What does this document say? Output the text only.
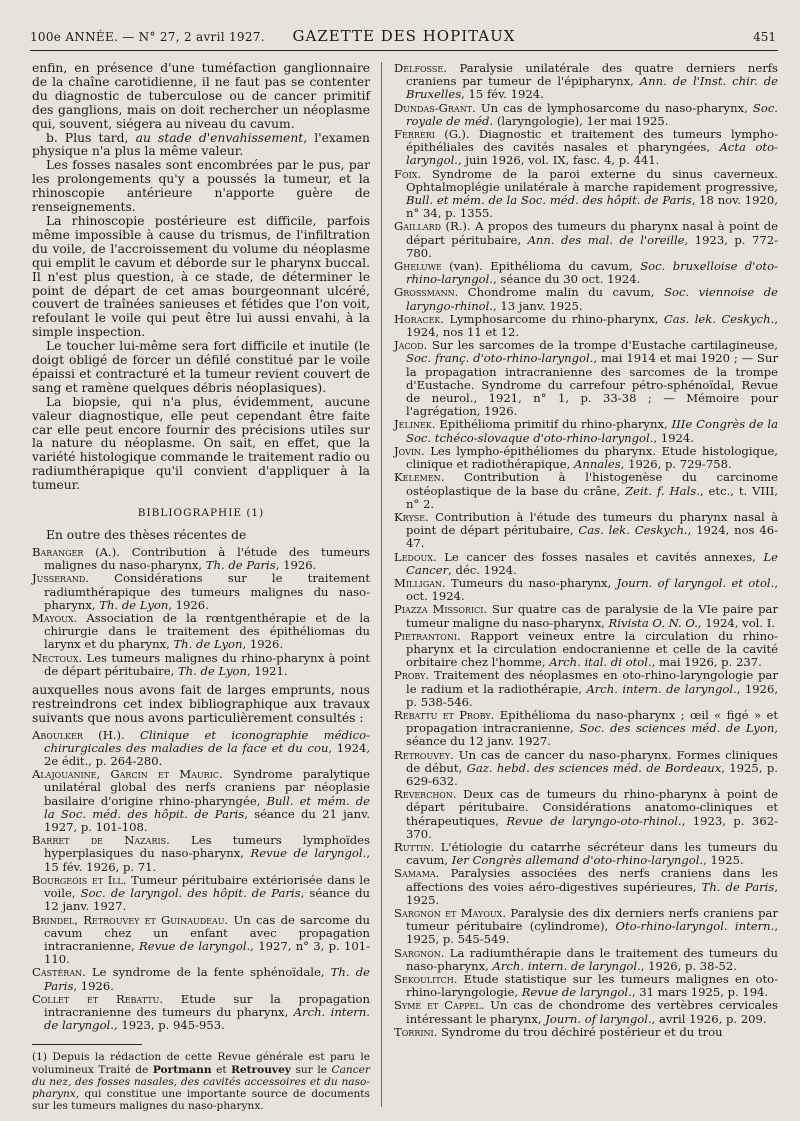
100e ANNÉE. — N° 27, 2 avril 1927.	GAZETTE DES HOPITAUX	451

enfin, en présence d'une tuméfaction ganglionnaire de la chaîne carotidienne, il ne faut pas se contenter du diagnostic de tuberculose ou de cancer primitif des ganglions, mais on doit rechercher un néoplasme qui, souvent, siégera au niveau du cavum.

b. Plus tard, au stade d'envahissement, l'examen physique n'a plus la même valeur.

Les fosses nasales sont encombrées par le pus, par les prolongements qu'y a poussés la tumeur, et la rhinoscopie antérieure n'apporte guère de renseignements.

La rhinoscopie postérieure est difficile, parfois même impossible à cause du trismus, de l'infiltration du voile, de l'accroissement du volume du néoplasme qui emplit le cavum et déborde sur le pharynx buccal. Il n'est plus question, à ce stade, de déterminer le point de départ de cet amas bourgeonnant ulcéré, couvert de traînées sanieuses et fétides que l'on voit, refoulant le voile qui peut être lui aussi envahi, à la simple inspection.

Le toucher lui-même sera fort difficile et inutile (le doigt obligé de forcer un défilé constitué par le voile épaissi et contracturé et la tumeur revient couvert de sang et ramène quelques débris néoplasiques).

La biopsie, qui n'a plus, évidemment, aucune valeur diagnostique, elle peut cependant être faite car elle peut encore fournir des précisions utiles sur la nature du néoplasme. On sait, en effet, que la variété histologique commande le traitement radio ou radiumthérapique qu'il convient d'appliquer à la tumeur.

BIBLIOGRAPHIE (1)

En outre des thèses récentes de

Baranger (A.). Contribution à l'étude des tumeurs malignes du naso-pharynx, Th. de Paris, 1926.

Jusserand. Considérations sur le traitement radiumthérapique des tumeurs malignes du naso-pharynx, Th. de Lyon, 1926.

Mayoux. Association de la rœntgenthérapie et de la chirurgie dans le traitement des épithéliomas du larynx et du pharynx, Th. de Lyon, 1926.

Nectoux. Les tumeurs malignes du rhino-pharynx à point de départ péritubaire, Th. de Lyon, 1921.

auxquelles nous avons fait de larges emprunts, nous restreindrons cet index bibliographique aux travaux suivants que nous avons particulièrement consultés :

Aboulker (H.). Clinique et iconographie médico-chirurgicales des maladies de la face et du cou, 1924, 2e édit., p. 264-280.

Alajouanine, Garcin et Mauric. Syndrome paralytique unilatéral global des nerfs craniens par néoplasie basilaire d'origine rhino-pharyngée, Bull. et mém. de la Soc. méd. des hôpit. de Paris, séance du 21 janv. 1927, p. 101-108.

Barret de Nazaris. Les tumeurs lymphoïdes hyperplasiques du naso-pharynx, Revue de laryngol., 15 fév. 1926, p. 71.

Bourgeois et Ill. Tumeur péritubaire extériorisée dans le voile, Soc. de laryngol. des hôpit. de Paris, séance du 12 janv. 1927.

Brindel, Retrouvey et Guinaudeau. Un cas de sarcome du cavum chez un enfant avec propagation intracranienne, Revue de laryngol., 1927, n° 3, p. 101-110.

Castéran. Le syndrome de la fente sphénoïdale, Th. de Paris, 1926.

Collet et Rebattu. Etude sur la propagation intracranienne des tumeurs du pharynx, Arch. intern. de laryngol., 1923, p. 945-953.

(1) Depuis la rédaction de cette Revue générale est paru le volumineux Traité de Portmann et Retrouvey sur le Cancer du nez, des fosses nasales, des cavités accessoires et du naso-pharynx, qui constitue une importante source de documents sur les tumeurs malignes du naso-pharynx.

Delfosse. Paralysie unilatérale des quatre derniers nerfs craniens par tumeur de l'épipharynx, Ann. de l'Inst. chir. de Bruxelles, 15 fév. 1924.

Dundas-Grant. Un cas de lymphosarcome du naso-pharynx, Soc. royale de méd. (laryngologie), 1er mai 1925.

Ferreri (G.). Diagnostic et traitement des tumeurs lympho-épithéliales des cavités nasales et pharyngées, Acta oto-laryngol., juin 1926, vol. IX, fasc. 4, p. 441.

Foix. Syndrome de la paroi externe du sinus caverneux. Ophtalmoplégie unilatérale à marche rapidement progressive, Bull. et mém. de la Soc. méd. des hôpit. de Paris, 18 nov. 1920, n° 34, p. 1355.

Gaillard (R.). A propos des tumeurs du pharynx nasal à point de départ péritubaire, Ann. des mal. de l'oreille, 1923, p. 772-780.

Gheluwe (van). Epithélioma du cavum, Soc. bruxelloise d'oto-rhino-laryngol., séance du 30 oct. 1924.

Grossmann. Chondrome malin du cavum, Soc. viennoise de laryngo-rhinol., 13 janv. 1925.

Horacek. Lymphosarcome du rhino-pharynx, Cas. lek. Ceskych., 1924, nos 11 et 12.

Jacod. Sur les sarcomes de la trompe d'Eustache cartilagineuse, Soc. franç. d'oto-rhino-laryngol., mai 1914 et mai 1920 ; — Sur la propagation intracranienne des sarcomes de la trompe d'Eustache. Syndrome du carrefour pétro-sphénoïdal, Revue de neurol., 1921, n° 1, p. 33-38 ; — Mémoire pour l'agrégation, 1926.

Jelinek. Epithélioma primitif du rhino-pharynx, IIIe Congrès de la Soc. tchéco-slovaque d'oto-rhino-laryngol., 1924.

Jovin. Les lympho-épithéliomes du pharynx. Etude histologique, clinique et radiothérapique, Annales, 1926, p. 729-758.

Kelemen. Contribution à l'histogenèse du carcinome ostéoplastique de la base du crâne, Zeit. f. Hals., etc., t. VIII, n° 2.

Kryse. Contribution à l'étude des tumeurs du pharynx nasal à point de départ péritubaire, Cas. lek. Ceskych., 1924, nos 46-47.

Ledoux. Le cancer des fosses nasales et cavités annexes, Le Cancer, déc. 1924.

Milligan. Tumeurs du naso-pharynx, Journ. of laryngol. et otol., oct. 1924.

Piazza Missorici. Sur quatre cas de paralysie de la VIe paire par tumeur maligne du naso-pharynx, Rivista O. N. O., 1924, vol. I.

Pietrantoni. Rapport veineux entre la circulation du rhino-pharynx et la circulation endocranienne et celle de la cavité orbitaire chez l'homme, Arch. ital. di otol., mai 1926, p. 237.

Proby. Traitement des néoplasmes en oto-rhino-laryngologie par le radium et la radiothérapie, Arch. intern. de laryngol., 1926, p. 538-546.

Rebattu et Proby. Epithélioma du naso-pharynx ; œil « figé » et propagation intracranienne, Soc. des sciences méd. de Lyon, séance du 12 janv. 1927.

Retrouvey. Un cas de cancer du naso-pharynx. Formes cliniques de début, Gaz. hebd. des sciences méd. de Bordeaux, 1925, p. 629-632.

Reverchon. Deux cas de tumeurs du rhino-pharynx à point de départ péritubaire. Considérations anatomo-cliniques et thérapeutiques, Revue de laryngo-oto-rhinol., 1923, p. 362-370.

Ruttin. L'étiologie du catarrhe sécréteur dans les tumeurs du cavum, Ier Congrès allemand d'oto-rhino-laryngol., 1925.

Samama. Paralysies associées des nerfs craniens dans les affections des voies aéro-digestives supérieures, Th. de Paris, 1925.

Sargnon et Mayoux. Paralysie des dix derniers nerfs craniens par tumeur péritubaire (cylindrome), Oto-rhino-laryngol. intern., 1925, p. 545-549.

Sargnon. La radiumthérapie dans le traitement des tumeurs du naso-pharynx, Arch. intern. de laryngol., 1926, p. 38-52.

Sekoulitch. Etude statistique sur les tumeurs malignes en oto-rhino-laryngologie, Revue de laryngol., 31 mars 1925, p. 194.

Syme et Cappel. Un cas de chondrome des vertèbres cervicales intéressant le pharynx, Journ. of laryngol., avril 1926, p. 209.

Torrini. Syndrome du trou déchiré postérieur et du trou
